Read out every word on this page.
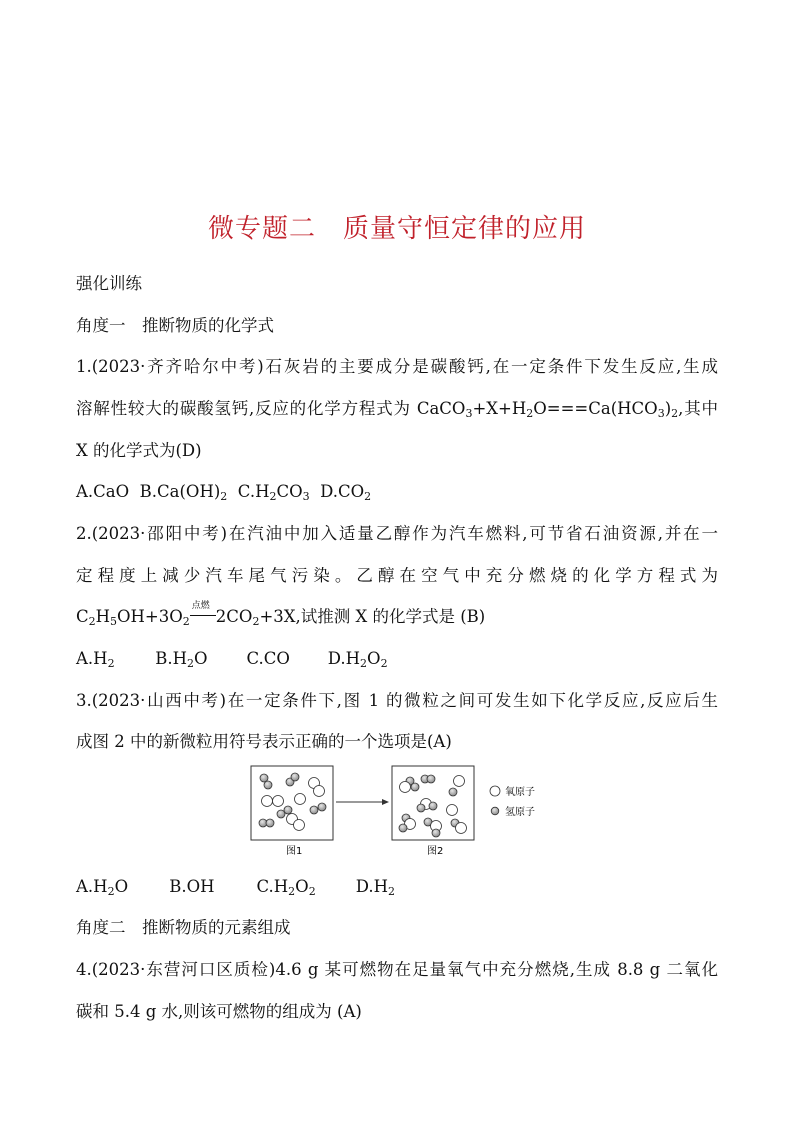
微专题二　质量守恒定律的应用
强化训练
角度一　推断物质的化学式
1.(2023·齐齐哈尔中考)石灰岩的主要成分是碳酸钙,在一定条件下发生反应,生成
溶解性较大的碳酸氢钙,反应的化学方程式为 $CaCO_3+X+H_2O===Ca(HCO_3)_2$,其中
X 的化学式为(D)
A.CaO $B.Ca(OH)_2$ $C.H_2CO_3$ $D.CO_2$
2.(2023·邵阳中考)在汽油中加入适量乙醇作为汽车燃料,可节省石油资源,并在一
定程度上减少汽车尾气污染。乙醇在空气中充分燃烧的化学方程式为
$C_2H_5OH+3O_2$
点燃
$2CO_2+3X$,试推测 X 的化学式是 (B)
$A.H_2$ $B.H_2O$ C.CO $D.H_2O_2$
3.(2023·山西中考)在一定条件下,图 1 的微粒之间可发生如下化学反应,反应后生
成图 2 中的新微粒用符号表示正确的一个选项是(A)
图1	图2
氧原子
氢原子
$A.H_2O$ B.OH	$C.H_2O_2$ $D.H_2$
角度二　推断物质的元素组成
4.(2023·东营河口区质检)4.6 g 某可燃物在足量氧气中充分燃烧,生成 8.8 g 二氧化
碳和 5.4 g 水,则该可燃物的组成为 (A)
